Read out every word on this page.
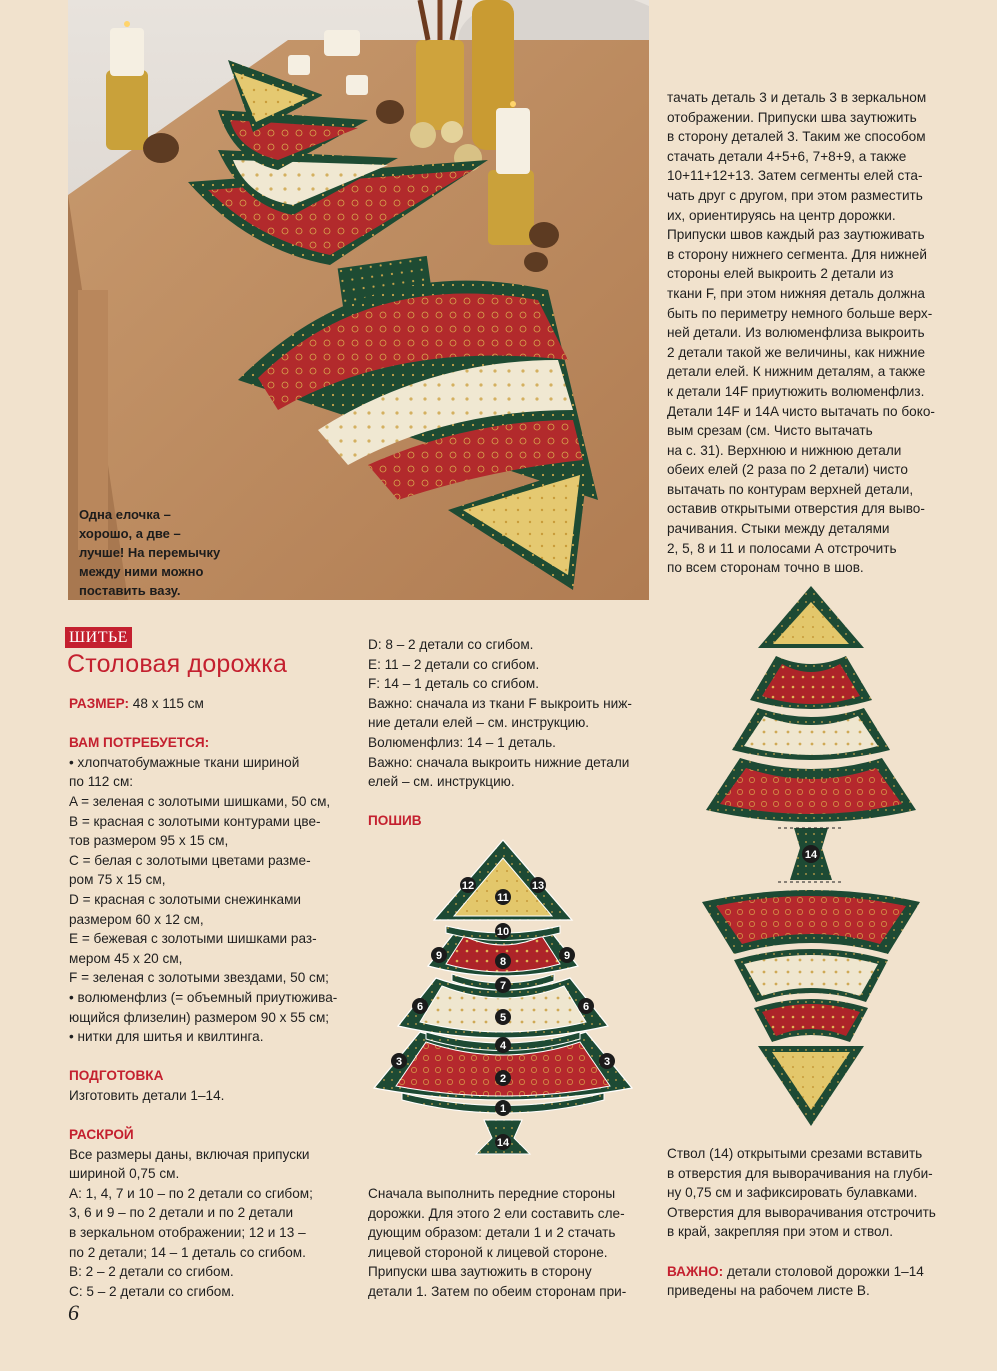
Одна елочка –
хорошо, а две –
лучше! На перемычку
между ними можно
поставить вазу.

тачать деталь 3 и деталь 3 в зеркальном

отображении. Припуски шва заутюжить

в сторону деталей 3. Таким же способом

стачать детали 4+5+6, 7+8+9, а также

10+11+12+13. Затем сегменты елей ста-

чать друг с другом, при этом разместить

их, ориентируясь на центр дорожки.

Припуски швов каждый раз заутюживать

в сторону нижнего сегмента. Для нижней

стороны елей выкроить 2 детали из

ткани F, при этом нижняя деталь должна

быть по периметру немного больше верх-

ней детали. Из волюменфлиза выкроить

2 детали такой же величины, как нижние

детали елей. К нижним деталям, а также

к детали 14F приутюжить волюменфлиз.

Детали 14F и 14A чисто вытачать по боко-

вым срезам (см. Чисто вытачать

на с. 31). Верхнюю и нижнюю детали

обеих елей (2 раза по 2 детали) чисто

вытачать по контурам верхней детали,

оставив открытыми отверстия для выво-

рачивания. Стыки между деталями

2, 5, 8 и 11 и полосами А отстрочить

по всем сторонам точно в шов.

ШИТЬЕ
Столовая дорожка

РАЗМЕР: 48 х 115 см

ВАМ ПОТРЕБУЕТСЯ:

• хлопчатобумажные ткани шириной

по 112 см:

A = зеленая с золотыми шишками, 50 см,

B = красная с золотыми контурами цве-

тов размером 95 х 15 см,

C = белая с золотыми цветами разме-

ром 75 х 15 см,

D = красная с золотыми снежинками

размером 60 х 12 см,

E = бежевая с золотыми шишками раз-

мером 45 х 20 см,

F = зеленая с золотыми звездами, 50 см;

• волюменфлиз (= объемный приутюжива-

ющийся флизелин) размером 90 х 55 см;

• нитки для шитья и квилтинга.

ПОДГОТОВКА

Изготовить детали 1–14.

РАСКРОЙ

Все размеры даны, включая припуски

шириной 0,75 см.

A: 1, 4, 7 и 10 – по 2 детали со сгибом;

3, 6 и 9 – по 2 детали и по 2 детали

в зеркальном отображении; 12 и 13 –

по 2 детали; 14 – 1 деталь со сгибом.

B: 2 – 2 детали со сгибом.

C: 5 – 2 детали со сгибом.

D: 8 – 2 детали со сгибом.

E: 11 – 2 детали со сгибом.

F: 14 – 1 деталь со сгибом.

Важно: сначала из ткани F выкроить ниж-

ние детали елей – см. инструкцию.

Волюменфлиз: 14 – 1 деталь.

Важно: сначала выкроить нижние детали

елей – см. инструкцию.

ПОШИВ

2
1
3	3
4
5
6	6
7
8
9	9
10
11
12	13
14
14

Сначала выполнить передние стороны

дорожки. Для этого 2 ели составить сле-

дующим образом: детали 1 и 2 стачать

лицевой стороной к лицевой стороне.

Припуски шва заутюжить в сторону

детали 1. Затем по обеим сторонам при-

Ствол (14) открытыми срезами вставить

в отверстия для выворачивания на глуби-

ну 0,75 см и зафиксировать булавками.

Отверстия для выворачивания отстрочить

в край, закрепляя при этом и ствол.

ВАЖНО: детали столовой дорожки 1–14

приведены на рабочем листе B.

6
